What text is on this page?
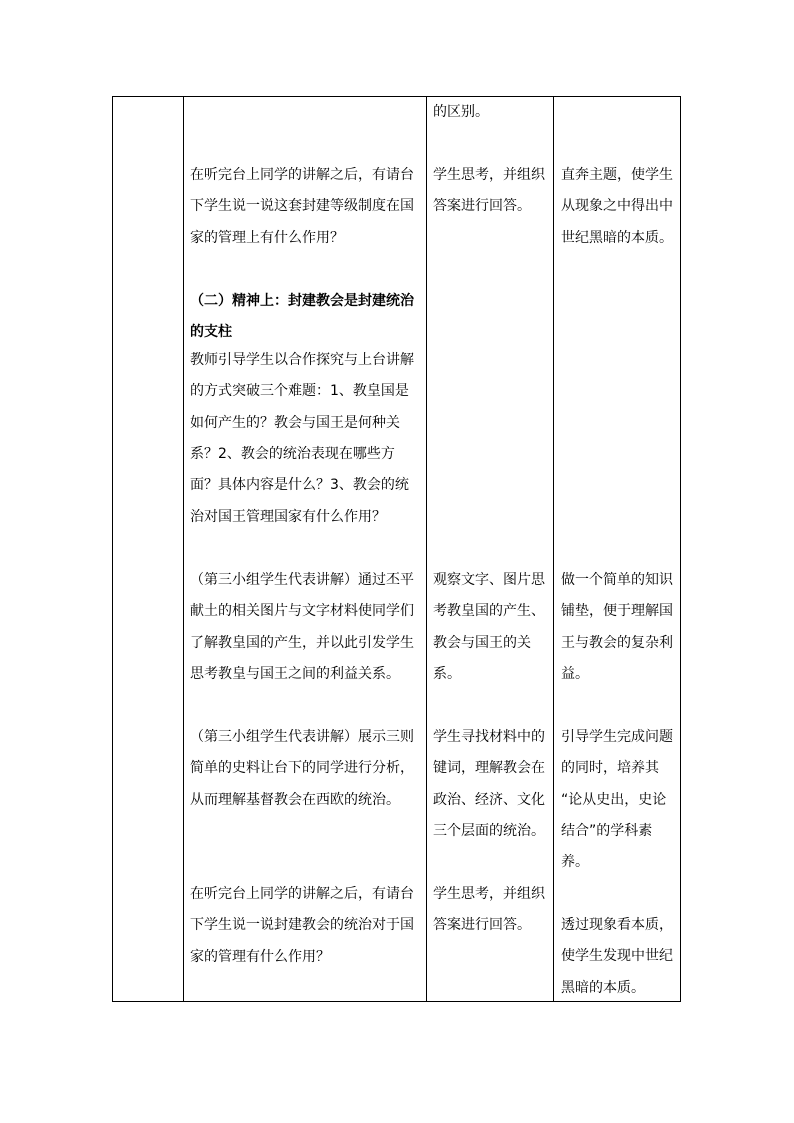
在听完台上同学的讲解之后，有请台
下学生说一说这套封建等级制度在国
家的管理上有什么作用？
（二）精神上：封建教会是封建统治
的支柱
教师引导学生以合作探究与上台讲解
的方式突破三个难题：1、教皇国是
如何产生的？教会与国王是何种关
系？2、教会的统治表现在哪些方
面？具体内容是什么？3、教会的统
治对国王管理国家有什么作用？
（第三小组学生代表讲解）通过丕平
献土的相关图片与文字材料使同学们
了解教皇国的产生，并以此引发学生
思考教皇与国王之间的利益关系。
（第三小组学生代表讲解）展示三则
简单的史料让台下的同学进行分析，
从而理解基督教会在西欧的统治。
在听完台上同学的讲解之后，有请台
下学生说一说封建教会的统治对于国
家的管理有什么作用？
的区别。
学生思考，并组织
答案进行回答。
观察文字、图片思
考教皇国的产生、
教会与国王的关
系。
学生寻找材料中的
键词，理解教会在
政治、经济、文化
三个层面的统治。
学生思考，并组织
答案进行回答。
直奔主题，使学生
从现象之中得出中
世纪黑暗的本质。
做一个简单的知识
铺垫，便于理解国
王与教会的复杂利
益。
引导学生完成问题
的同时，培养其
“论从史出，史论
结合”的学科素
养。
透过现象看本质，
使学生发现中世纪
黑暗的本质。
